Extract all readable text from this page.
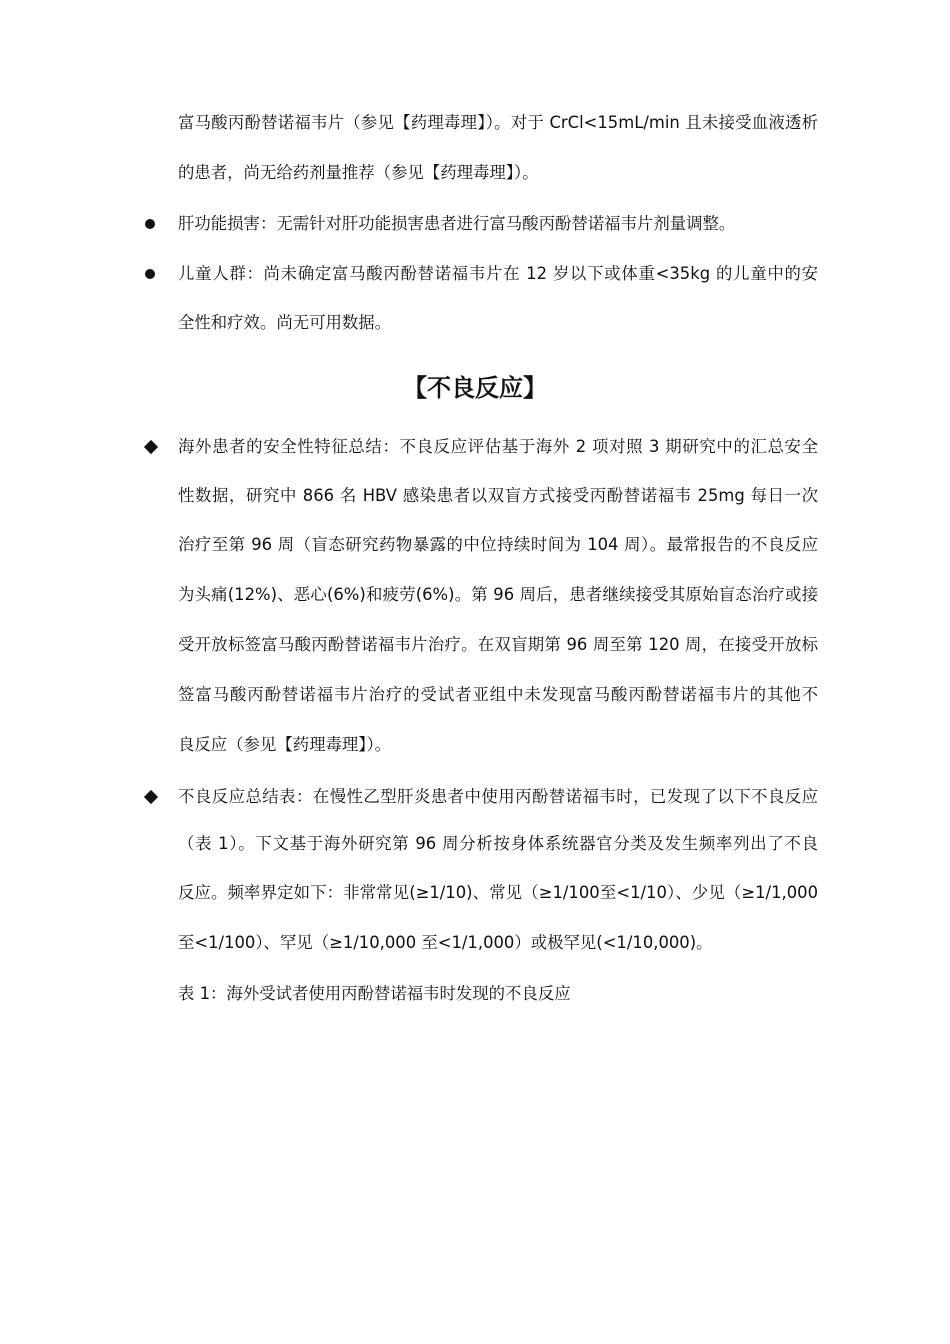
富马酸丙酚替诺福韦片（参见【药理毒理】）。对于 CrCl<15mL/min 且未接受血液透析
的患者，尚无给药剂量推荐（参见【药理毒理】）。
肝功能损害：无需针对肝功能损害患者进行富马酸丙酚替诺福韦片剂量调整。
儿童人群：尚未确定富马酸丙酚替诺福韦片在 12 岁以下或体重<35kg 的儿童中的安
全性和疗效。尚无可用数据。
【不良反应】
海外患者的安全性特征总结：不良反应评估基于海外 2 项对照 3 期研究中的汇总安全
性数据，研究中 866 名 HBV 感染患者以双盲方式接受丙酚替诺福韦 25mg 每日一次
治疗至第 96 周（盲态研究药物暴露的中位持续时间为 104 周）。最常报告的不良反应
为头痛(12%)、恶心(6%)和疲劳(6%)。第 96 周后，患者继续接受其原始盲态治疗或接
受开放标签富马酸丙酚替诺福韦片治疗。在双盲期第 96 周至第 120 周，在接受开放标
签富马酸丙酚替诺福韦片治疗的受试者亚组中未发现富马酸丙酚替诺福韦片的其他不
良反应（参见【药理毒理】）。
不良反应总结表：在慢性乙型肝炎患者中使用丙酚替诺福韦时，已发现了以下不良反应
（表 1）。下文基于海外研究第 96 周分析按身体系统器官分类及发生频率列出了不良
反应。频率界定如下：非常常见(≥1/10)、常见（≥1/100至<1/10）、少见（≥1/1,000
至<1/100）、罕见（≥1/10,000 至<1/1,000）或极罕见(<1/10,000)。
表 1：海外受试者使用丙酚替诺福韦时发现的不良反应
